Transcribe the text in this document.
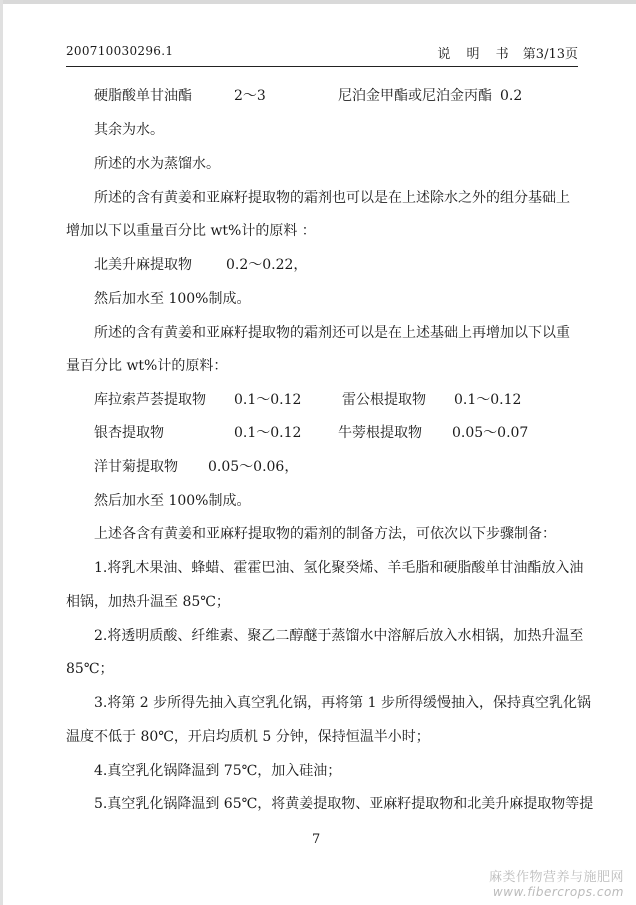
200710030296.1	说 明 书 第3/13页
硬脂酸单甘油酯	2～3	尼泊金甲酯或尼泊金丙酯 0.2
其余为水。
所述的水为蒸馏水。
所述的含有黄姜和亚麻籽提取物的霜剂也可以是在上述除水之外的组分基础上
增加以下以重量百分比 wt%计的原料 ：
北美升麻提取物 0.2～0.22，
然后加水至 100%制成。
所述的含有黄姜和亚麻籽提取物的霜剂还可以是在上述基础上再增加以下以重
量百分比 wt%计的原料：
库拉索芦荟提取物 0.1～0.12	雷公根提取物 0.1～0.12
银杏提取物	0.1～0.12	牛蒡根提取物 0.05～0.07
洋甘菊提取物 0.05～0.06，
然后加水至 100%制成。
上述各含有黄姜和亚麻籽提取物的霜剂的制备方法，可依次以下步骤制备：
1.将乳木果油、蜂蜡、霍霍巴油、氢化聚癸烯、羊毛脂和硬脂酸单甘油酯放入油
相锅，加热升温至 85℃；
2.将透明质酸、纤维素、聚乙二醇醚于蒸馏水中溶解后放入水相锅，加热升温至
85℃；
3.将第 2 步所得先抽入真空乳化锅，再将第 1 步所得缓慢抽入，保持真空乳化锅
温度不低于 80℃，开启均质机 5 分钟，保持恒温半小时；
4.真空乳化锅降温到 75℃，加入硅油；
5.真空乳化锅降温到 65℃，将黄姜提取物、亚麻籽提取物和北美升麻提取物等提
7
麻类作物营养与施肥网
www.fibercrops.com
